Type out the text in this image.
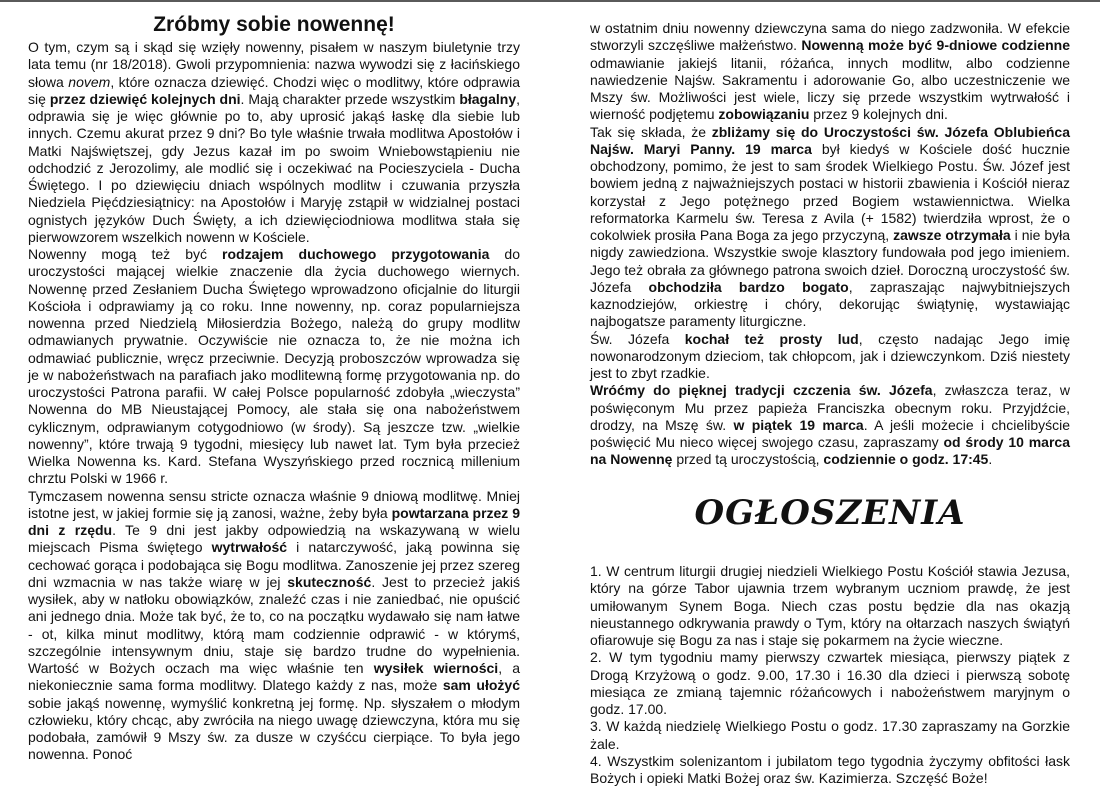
Zróbmy sobie nowennę!

O tym, czym są i skąd się wzięły nowenny, pisałem w naszym biuletynie trzy lata temu (nr 18/2018). Gwoli przypomnienia: nazwa wywodzi się z łacińskiego słowa novem, które oznacza dziewięć. Chodzi więc o modlitwy, które odprawia się przez dziewięć kolejnych dni. Mają charakter przede wszystkim błagalny, odprawia się je więc głównie po to, aby uprosić jakąś łaskę dla siebie lub innych. Czemu akurat przez 9 dni? Bo tyle właśnie trwała modlitwa Apostołów i Matki Najświętszej, gdy Jezus kazał im po swoim Wniebowstąpieniu nie odchodzić z Jerozolimy, ale modlić się i oczekiwać na Pocieszyciela - Ducha Świętego. I po dziewięciu dniach wspólnych modlitw i czuwania przyszła Niedziela Pięćdziesiątnicy: na Apostołów i Maryję zstąpił w widzialnej postaci ognistych języków Duch Święty, a ich dziewięciodniowa modlitwa stała się pierwowzorem wszelkich nowenn w Kościele.

Nowenny mogą też być rodzajem duchowego przygotowania do uroczystości mającej wielkie znaczenie dla życia duchowego wiernych. Nowennę przed Zesłaniem Ducha Świętego wprowadzono oficjalnie do liturgii Kościoła i odprawiamy ją co roku. Inne nowenny, np. coraz popularniejsza nowenna przed Niedzielą Miłosierdzia Bożego, należą do grupy modlitw odmawianych prywatnie. Oczywiście nie oznacza to, że nie można ich odmawiać publicznie, wręcz przeciwnie. Decyzją proboszczów wprowadza się je w nabożeństwach na parafiach jako modlitewną formę przygotowania np. do uroczystości Patrona parafii. W całej Polsce popularność zdobyła „wieczysta” Nowenna do MB Nieustającej Pomocy, ale stała się ona nabożeństwem cyklicznym, odprawianym cotygodniowo (w środy). Są jeszcze tzw. „wielkie nowenny”, które trwają 9 tygodni, miesięcy lub nawet lat. Tym była przecież Wielka Nowenna ks. Kard. Stefana Wyszyńskiego przed rocznicą millenium chrztu Polski w 1966 r.

Tymczasem nowenna sensu stricte oznacza właśnie 9 dniową modlitwę. Mniej istotne jest, w jakiej formie się ją zanosi, ważne, żeby była powtarzana przez 9 dni z rzędu. Te 9 dni jest jakby odpowiedzią na wskazywaną w wielu miejscach Pisma świętego wytrwałość i natarczywość, jaką powinna się cechować gorąca i podobająca się Bogu modlitwa. Zanoszenie jej przez szereg dni wzmacnia w nas także wiarę w jej skuteczność. Jest to przecież jakiś wysiłek, aby w natłoku obowiązków, znaleźć czas i nie zaniedbać, nie opuścić ani jednego dnia. Może tak być, że to, co na początku wydawało się nam łatwe - ot, kilka minut modlitwy, którą mam codziennie odprawić - w którymś, szczególnie intensywnym dniu, staje się bardzo trudne do wypełnienia. Wartość w Bożych oczach ma więc właśnie ten wysiłek wierności, a niekoniecznie sama forma modlitwy. Dlatego każdy z nas, może sam ułożyć sobie jakąś nowennę, wymyślić konkretną jej formę. Np. słyszałem o młodym człowieku, który chcąc, aby zwróciła na niego uwagę dziewczyna, która mu się podobała, zamówił 9 Mszy św. za dusze w czyśćcu cierpiące. To była jego nowenna. Ponoć

w ostatnim dniu nowenny dziewczyna sama do niego zadzwoniła. W efekcie stworzyli szczęśliwe małżeństwo. Nowenną może być 9-dniowe codzienne odmawianie jakiejś litanii, różańca, innych modlitw, albo codzienne nawiedzenie Najśw. Sakramentu i adorowanie Go, albo uczestniczenie we Mszy św. Możliwości jest wiele, liczy się przede wszystkim wytrwałość i wierność podjętemu zobowiązaniu przez 9 kolejnych dni.

Tak się składa, że zbliżamy się do Uroczystości św. Józefa Oblubieńca Najśw. Maryi Panny. 19 marca był kiedyś w Kościele dość hucznie obchodzony, pomimo, że jest to sam środek Wielkiego Postu. Św. Józef jest bowiem jedną z najważniejszych postaci w historii zbawienia i Kościół nieraz korzystał z Jego potężnego przed Bogiem wstawiennictwa. Wielka reformatorka Karmelu św. Teresa z Avila (+ 1582) twierdziła wprost, że o cokolwiek prosiła Pana Boga za jego przyczyną, zawsze otrzymała i nie była nigdy zawiedziona. Wszystkie swoje klasztory fundowała pod jego imieniem. Jego też obrała za głównego patrona swoich dzieł. Doroczną uroczystość św. Józefa obchodziła bardzo bogato, zapraszając najwybitniejszych kaznodziejów, orkiestrę i chóry, dekorując świątynię, wystawiając najbogatsze paramenty liturgiczne.

Św. Józefa kochał też prosty lud, często nadając Jego imię nowonarodzonym dzieciom, tak chłopcom, jak i dziewczynkom. Dziś niestety jest to zbyt rzadkie.

Wróćmy do pięknej tradycji czczenia św. Józefa, zwłaszcza teraz, w poświęconym Mu przez papieża Franciszka obecnym roku. Przyjdźcie, drodzy, na Mszę św. w piątek 19 marca. A jeśli możecie i chcielibyście poświęcić Mu nieco więcej swojego czasu, zapraszamy od środy 10 marca na Nowennę przed tą uroczystością, codziennie o godz. 17:45.

OGŁOSZENIA

1. W centrum liturgii drugiej niedzieli Wielkiego Postu Kościół stawia Jezusa, który na górze Tabor ujawnia trzem wybranym uczniom prawdę, że jest umiłowanym Synem Boga. Niech czas postu będzie dla nas okazją nieustannego odkrywania prawdy o Tym, który na ołtarzach naszych świątyń ofiarowuje się Bogu za nas i staje się pokarmem na życie wieczne.

2. W tym tygodniu mamy pierwszy czwartek miesiąca, pierwszy piątek z Drogą Krzyżową o godz. 9.00, 17.30 i 16.30 dla dzieci i pierwszą sobotę miesiąca ze zmianą tajemnic różańcowych i nabożeństwem maryjnym o godz. 17.00.

3. W każdą niedzielę Wielkiego Postu o godz. 17.30 zapraszamy na Gorzkie żale.

4. Wszystkim solenizantom i jubilatom tego tygodnia życzymy obfitości łask Bożych i opieki Matki Bożej oraz św. Kazimierza. Szczęść Boże!
